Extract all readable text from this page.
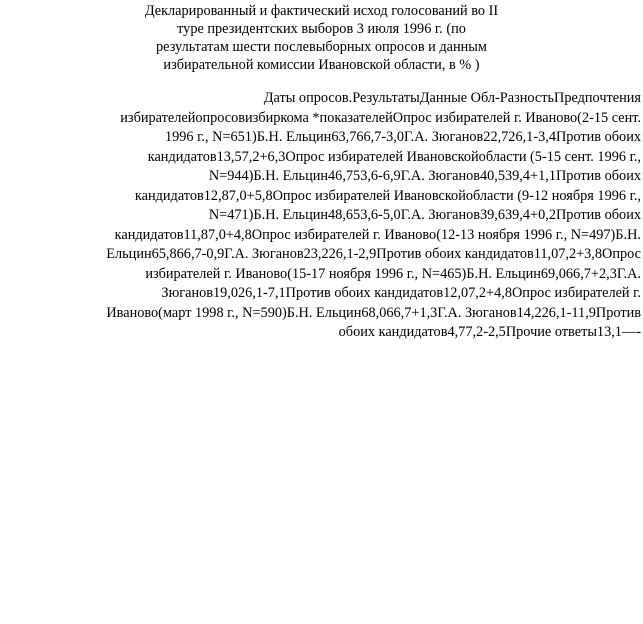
Декларированный и фактический исход голосований во II
туре президентских выборов 3 июля 1996 г. (по
результатам шести послевыборных опросов и данным
избирательной комиссии Ивановской области, в % )
Даты опросов.РезультатыДанные Обл-РазностьПредпочтения
избирателейопросовизбиркома *показателейОпрос избирателей г. Иваново(2-15 сент.
1996 г., N=651)Б.Н. Ельцин63,766,7-3,0Г.А. Зюганов22,726,1-3,4Против обоих
кандидатов13,57,2+6,3Опрос избирателей Ивановскойобласти (5-15 сент. 1996 г.,
N=944)Б.Н. Ельцин46,753,6-6,9Г.А. Зюганов40,539,4+1,1Против обоих
кандидатов12,87,0+5,8Опрос избирателей Ивановскойобласти (9-12 ноября 1996 г.,
N=471)Б.Н. Ельцин48,653,6-5,0Г.А. Зюганов39,639,4+0,2Против обоих
кандидатов11,87,0+4,8Опрос избирателей г. Иваново(12-13 ноября 1996 г., N=497)Б.Н.
Ельцин65,866,7-0,9Г.А. Зюганов23,226,1-2,9Против обоих кандидатов11,07,2+3,8Опрос
избирателей г. Иваново(15-17 ноября 1996 г., N=465)Б.Н. Ельцин69,066,7+2,3Г.А.
Зюганов19,026,1-7,1Против обоих кандидатов12,07,2+4,8Опрос избирателей г.
Иваново(март 1998 г., N=590)Б.Н. Ельцин68,066,7+1,3Г.А. Зюганов14,226,1-11,9Против
обоих кандидатов4,77,2-2,5Прочие ответы13,1—-
